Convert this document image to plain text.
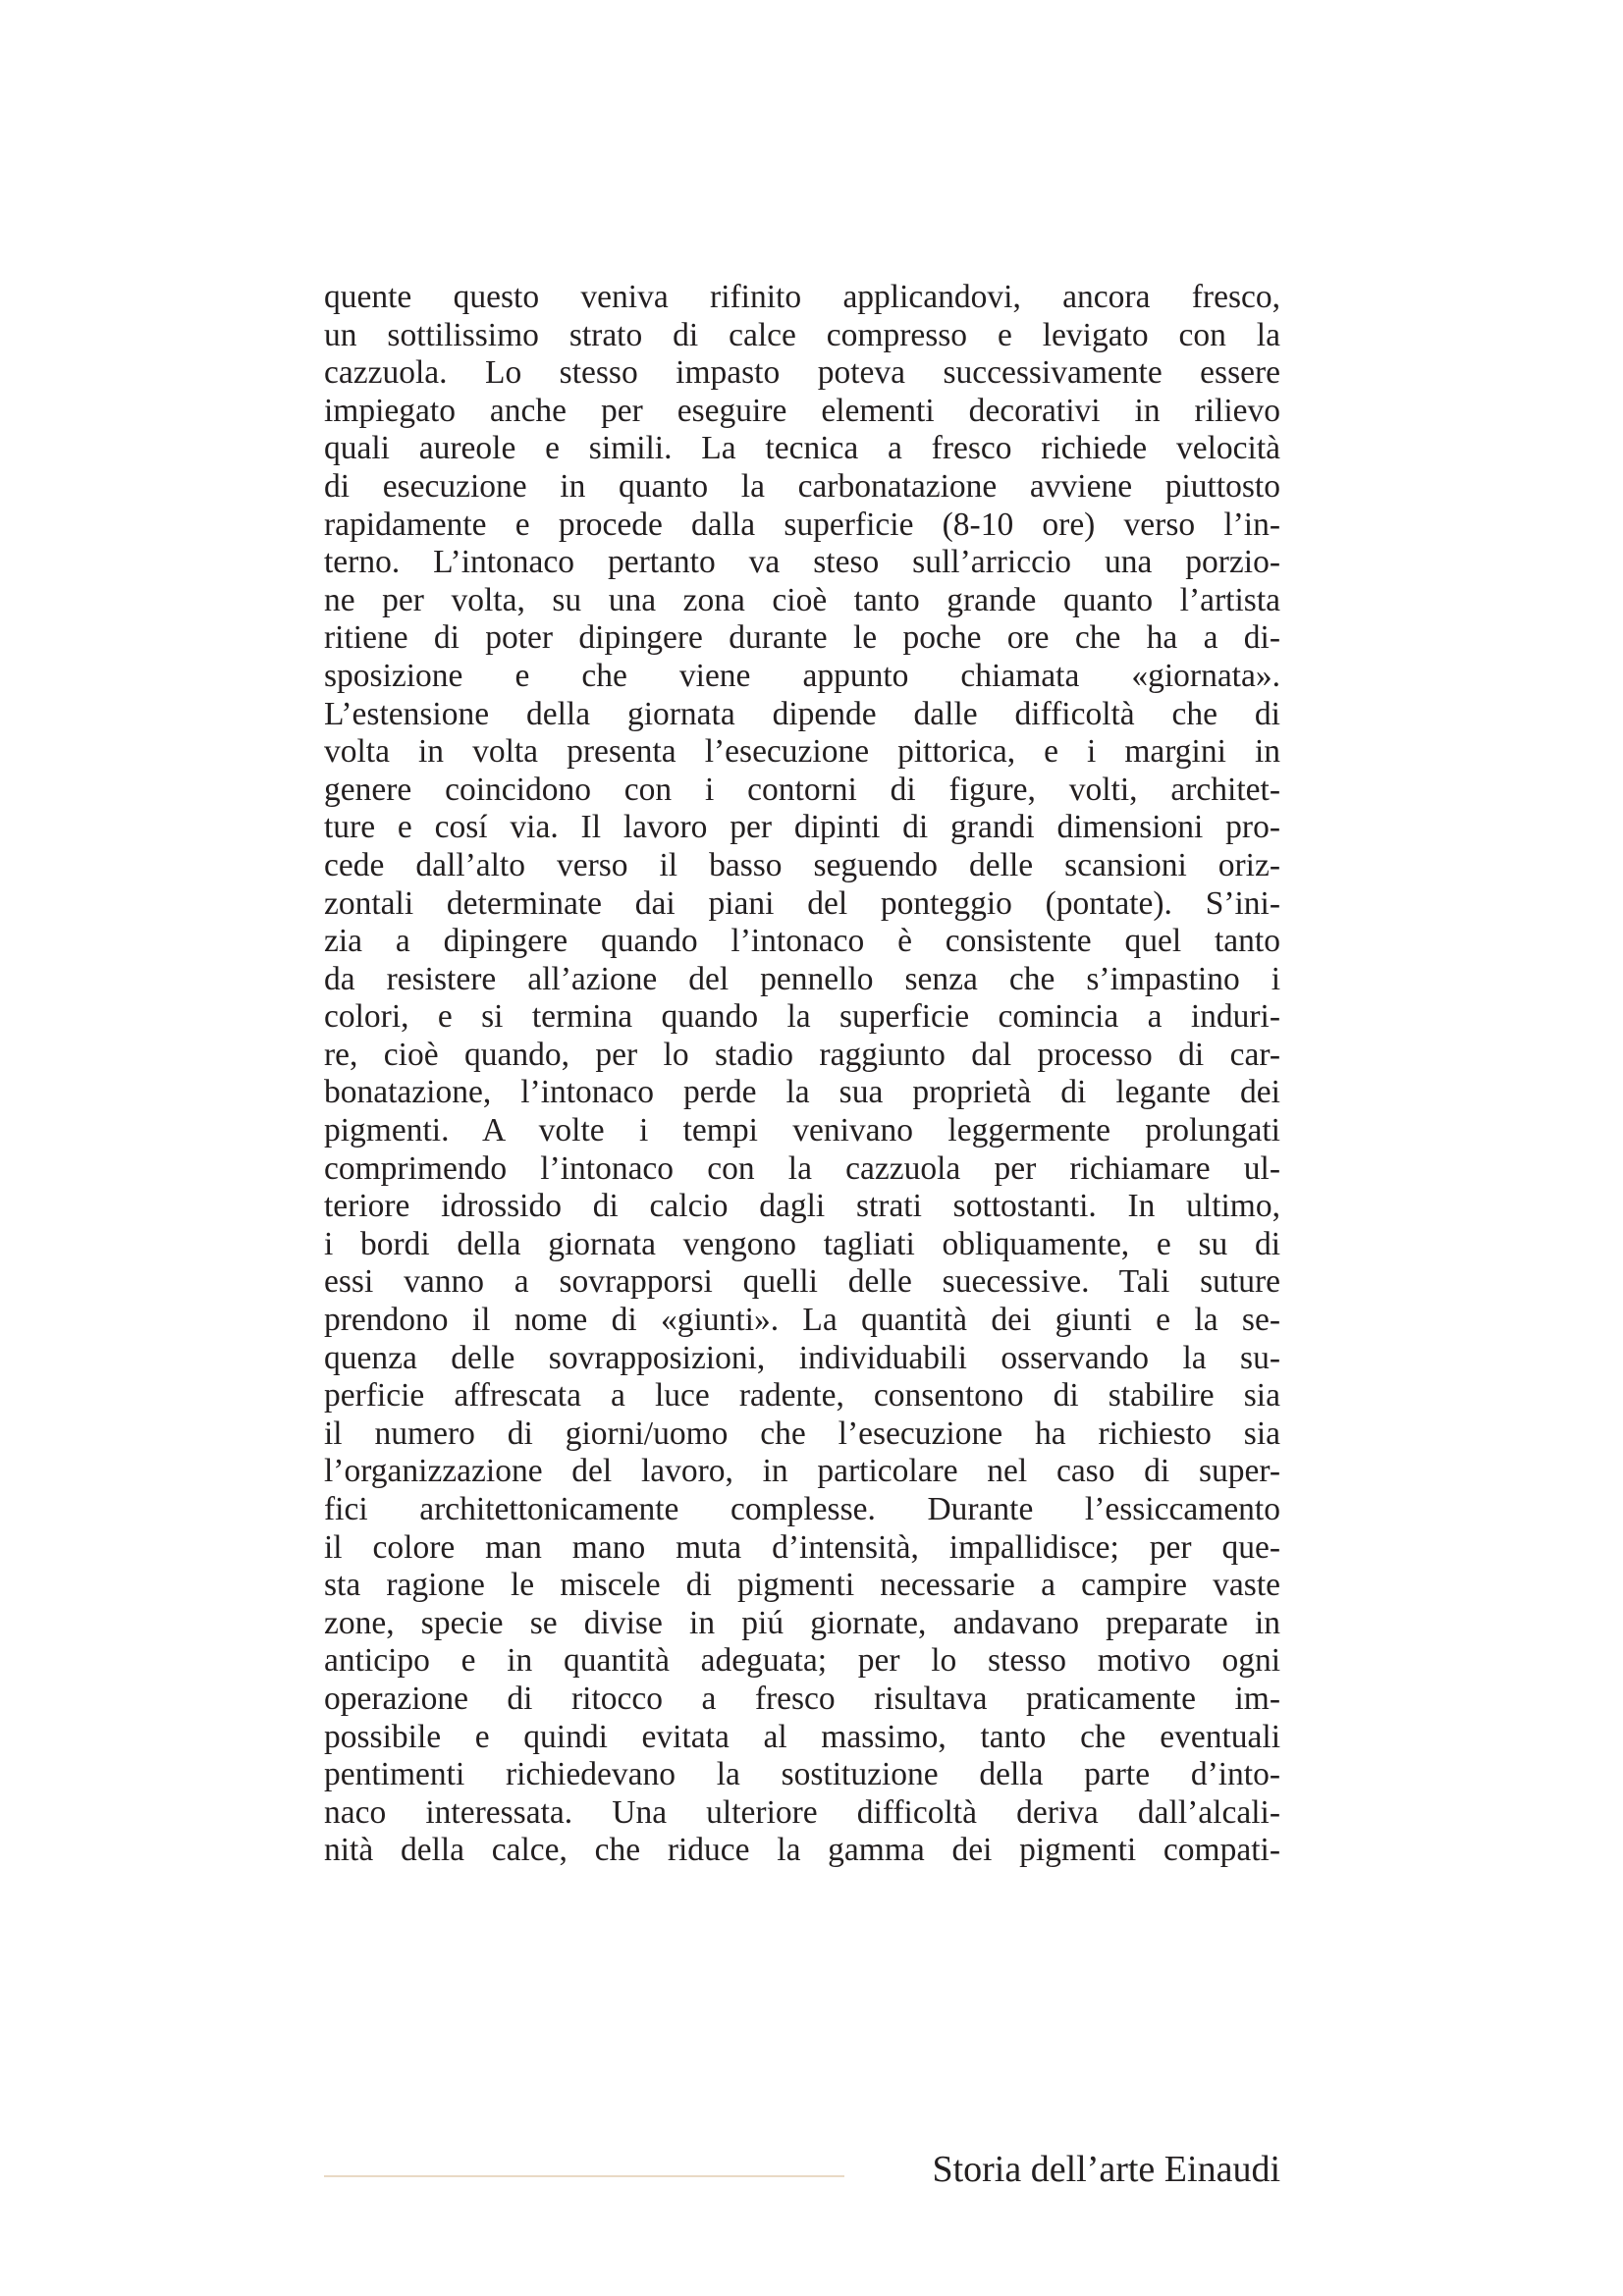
quente questo veniva rifinito applicandovi, ancora fresco,
un sottilissimo strato di calce compresso e levigato con la
cazzuola. Lo stesso impasto poteva successivamente essere
impiegato anche per eseguire elementi decorativi in rilievo
quali aureole e simili. La tecnica a fresco richiede velocità
di esecuzione in quanto la carbonatazione avviene piuttosto
rapidamente e procede dalla superficie (8-10 ore) verso l’in-
terno. L’intonaco pertanto va steso sull’arriccio una porzio-
ne per volta, su una zona cioè tanto grande quanto l’artista
ritiene di poter dipingere durante le poche ore che ha a di-
sposizione e che viene appunto chiamata «giornata».
L’estensione della giornata dipende dalle difficoltà che di
volta in volta presenta l’esecuzione pittorica, e i margini in
genere coincidono con i contorni di figure, volti, architet-
ture e cosí via. Il lavoro per dipinti di grandi dimensioni pro-
cede dall’alto verso il basso seguendo delle scansioni oriz-
zontali determinate dai piani del ponteggio (pontate). S’ini-
zia a dipingere quando l’intonaco è consistente quel tanto
da resistere all’azione del pennello senza che s’impastino i
colori, e si termina quando la superficie comincia a induri-
re, cioè quando, per lo stadio raggiunto dal processo di car-
bonatazione, l’intonaco perde la sua proprietà di legante dei
pigmenti. A volte i tempi venivano leggermente prolungati
comprimendo l’intonaco con la cazzuola per richiamare ul-
teriore idrossido di calcio dagli strati sottostanti. In ultimo,
i bordi della giornata vengono tagliati obliquamente, e su di
essi vanno a sovrapporsi quelli delle suecessive. Tali suture
prendono il nome di «giunti». La quantità dei giunti e la se-
quenza delle sovrapposizioni, individuabili osservando la su-
perficie affrescata a luce radente, consentono di stabilire sia
il numero di giorni/uomo che l’esecuzione ha richiesto sia
l’organizzazione del lavoro, in particolare nel caso di super-
fici architettonicamente complesse. Durante l’essiccamento
il colore man mano muta d’intensità, impallidisce; per que-
sta ragione le miscele di pigmenti necessarie a campire vaste
zone, specie se divise in piú giornate, andavano preparate in
anticipo e in quantità adeguata; per lo stesso motivo ogni
operazione di ritocco a fresco risultava praticamente im-
possibile e quindi evitata al massimo, tanto che eventuali
pentimenti richiedevano la sostituzione della parte d’into-
naco interessata. Una ulteriore difficoltà deriva dall’alcali-
nità della calce, che riduce la gamma dei pigmenti compati-
Storia dell’arte Einaudi
